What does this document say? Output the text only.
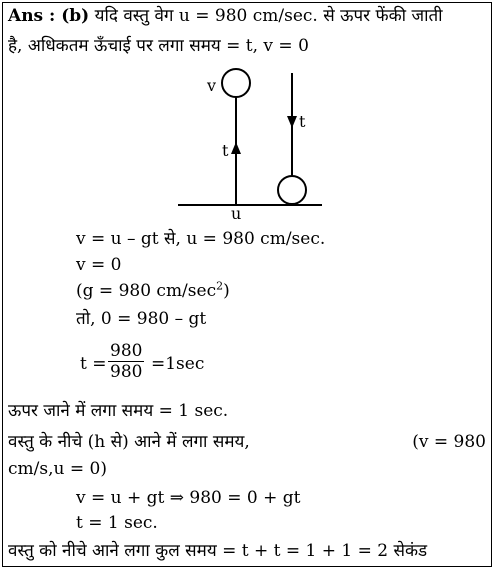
Ans : (b) यदि वस्तु वेग u = 980 cm/sec. से ऊपर फेंकी जाती
है, अधिकतम ऊँचाई पर लगा समय = t, v = 0
v
t
t
u
v = u – gt से, u = 980 cm/sec.
v = 0
(g = 980 $cm/\sec^2$)
तो, 0 = 980 – gt
$t = \frac{980}{980} =1\sec$
ऊपर जाने में लगा समय = 1 sec.
वस्तु के नीचे (h से) आने में लगा समय,	(v = 980
cm/s,u = 0)
v = u + gt ⇒ 980 = 0 + gt
t = 1 sec.
वस्तु को नीचे आने लगा कुल समय = t + t = 1 + 1 = 2 सेकंड
